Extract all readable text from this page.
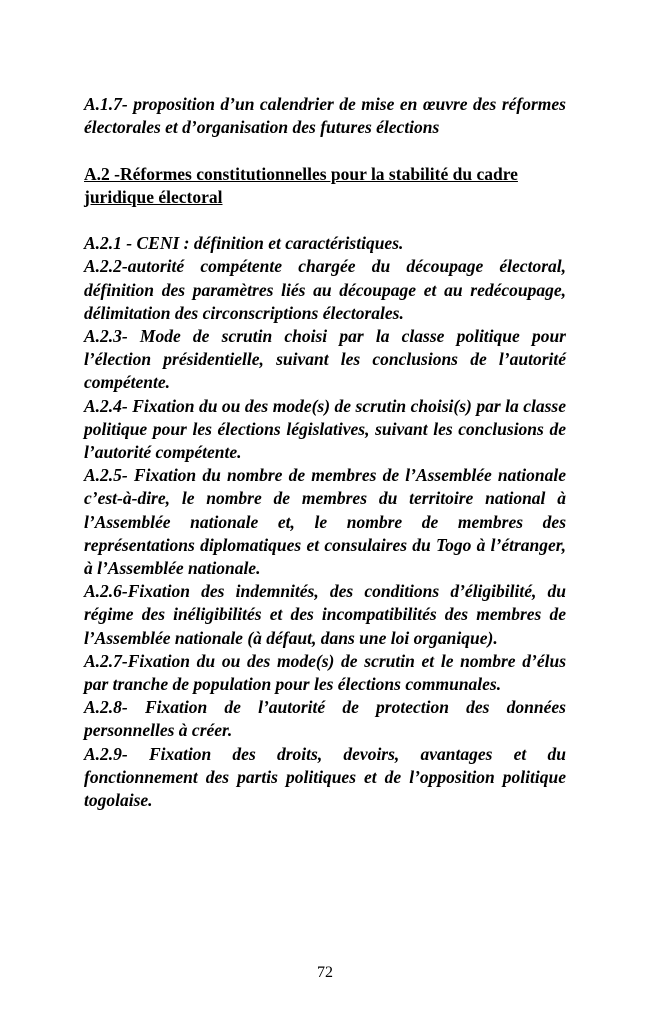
A.1.7- proposition d’un calendrier de mise en œuvre des réformes électorales et d’organisation des futures élections

A.2 -Réformes constitutionnelles pour la stabilité du cadre juridique électoral

A.2.1 - CENI : définition et caractéristiques.

A.2.2-autorité compétente chargée du découpage électoral, définition des paramètres liés au découpage et au redécoupage, délimitation des circonscriptions électorales.

A.2.3- Mode de scrutin choisi par la classe politique pour l’élection présidentielle, suivant les conclusions de l’autorité compétente.

A.2.4- Fixation du ou des mode(s) de scrutin choisi(s) par la classe politique pour les élections législatives, suivant les conclusions de l’autorité compétente.

A.2.5- Fixation du nombre de membres de l’Assemblée nationale c’est-à-dire, le nombre de membres du territoire national à l’Assemblée nationale et, le nombre de membres des représentations diplomatiques et consulaires du Togo à l’étranger, à l’Assemblée nationale.

A.2.6-Fixation des indemnités, des conditions d’éligibilité, du régime des inéligibilités et des incompatibilités des membres de l’Assemblée nationale (à défaut, dans une loi organique).

A.2.7-Fixation du ou des mode(s) de scrutin et le nombre d’élus par tranche de population pour les élections communales.

A.2.8- Fixation de l’autorité de protection des données personnelles à créer.

A.2.9- Fixation des droits, devoirs, avantages et du fonctionnement des partis politiques et de l’opposition politique togolaise.

72
